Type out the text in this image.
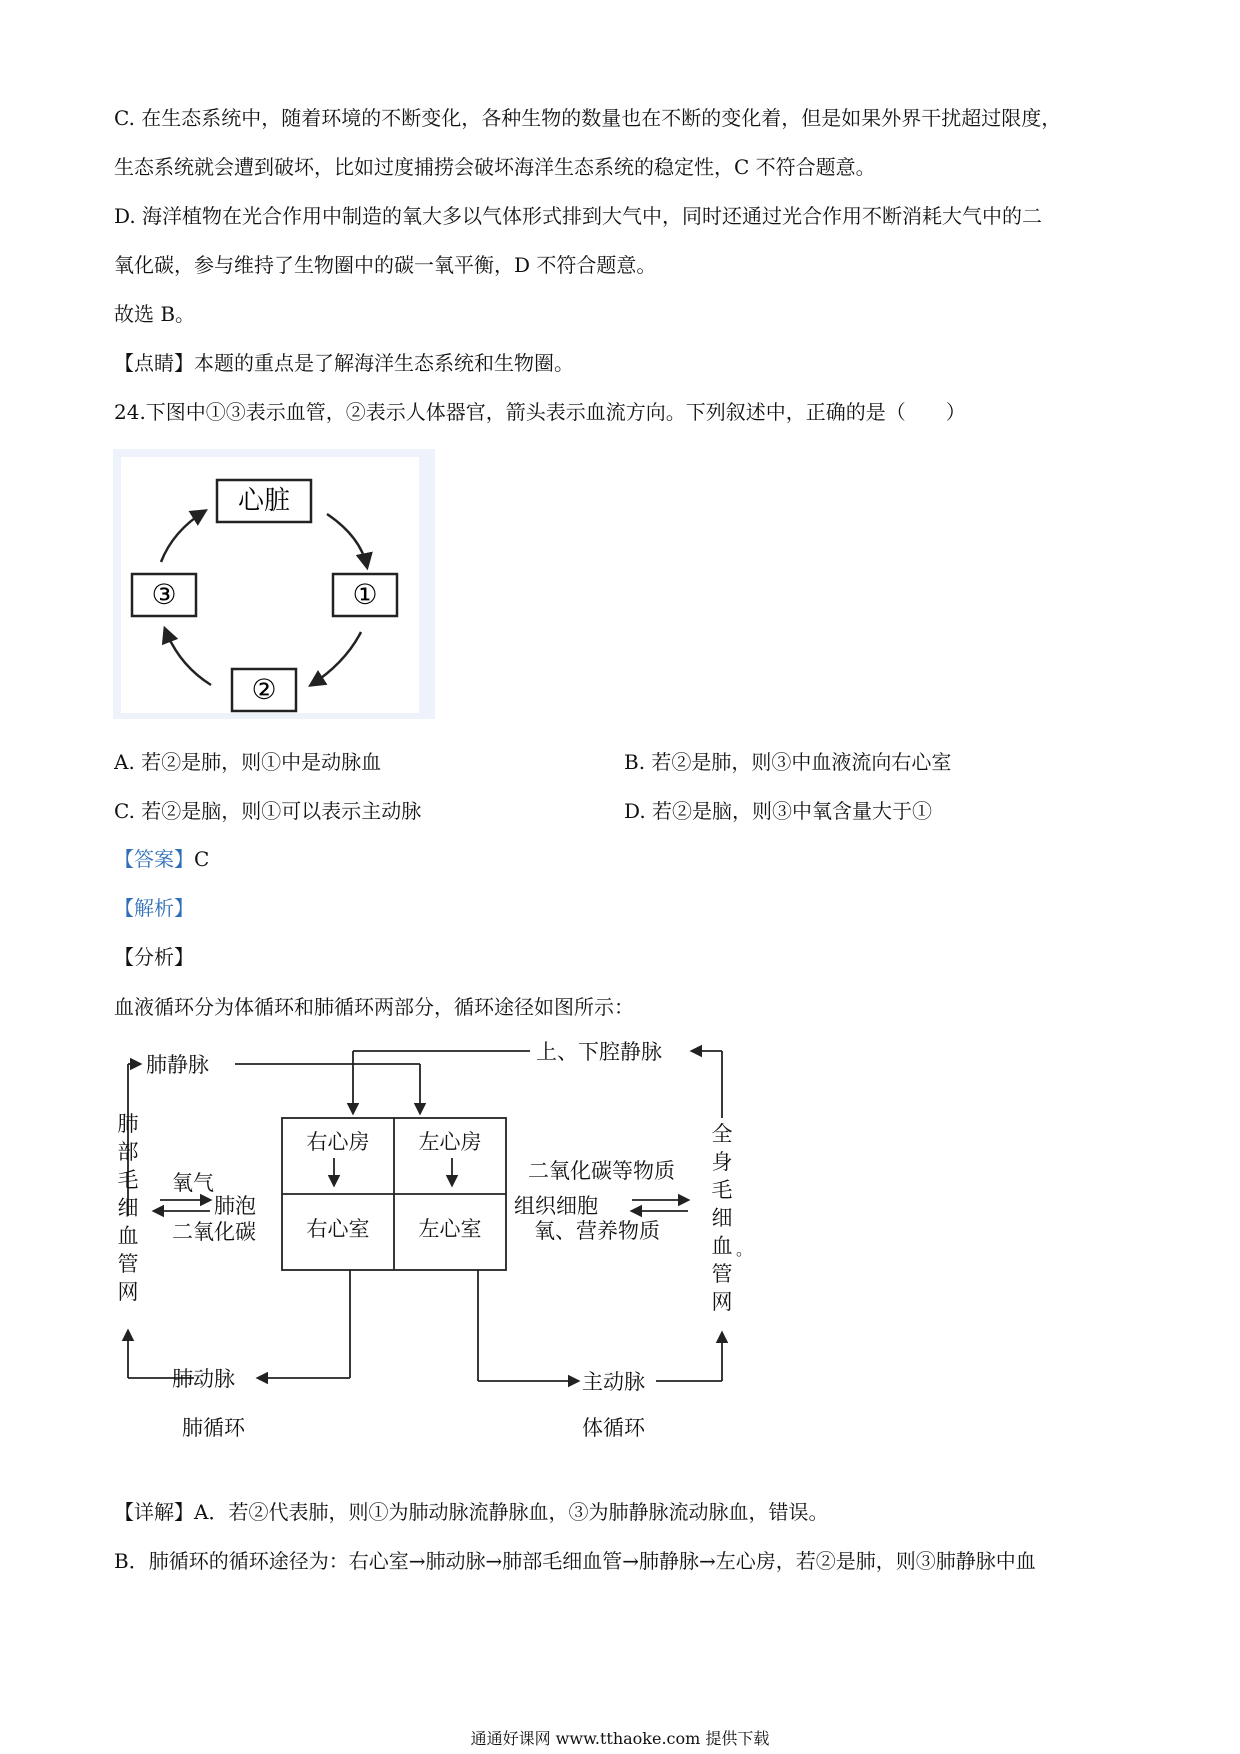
C. 在生态系统中，随着环境的不断变化，各种生物的数量也在不断的变化着，但是如果外界干扰超过限度，
生态系统就会遭到破坏，比如过度捕捞会破坏海洋生态系统的稳定性，C 不符合题意。
D. 海洋植物在光合作用中制造的氧大多以气体形式排到大气中，同时还通过光合作用不断消耗大气中的二
氧化碳，参与维持了生物圈中的碳一氧平衡，D 不符合题意。
故选 B。
【点睛】本题的重点是了解海洋生态系统和生物圈。
24.下图中①③表示血管，②表示人体器官，箭头表示血流方向。下列叙述中，正确的是（　　）
心脏
①
③
②
A. 若②是肺，则①中是动脉血	B. 若②是肺，则③中血液流向右心室
C. 若②是脑，则①可以表示主动脉	D. 若②是脑，则③中氧含量大于①
【答案】C
【解析】
【分析】
血液循环分为体循环和肺循环两部分，循环途径如图所示：
肺静脉
上、下腔静脉
氧气
肺泡
二氧化碳
右心房 左心房
右心室 左心室
二氧化碳等物质
组织细胞
氧、营养物质
。
肺动脉	主动脉
肺循环	体循环
肺
部
毛
细
血
管
网
全
身
毛
细
血
管
网
【详解】A．若②代表肺，则①为肺动脉流静脉血，③为肺静脉流动脉血，错误。
B．肺循环的循环途径为：右心室→肺动脉→肺部毛细血管→肺静脉→左心房，若②是肺，则③肺静脉中血
通通好课网 www.tthaoke.com 提供下载
